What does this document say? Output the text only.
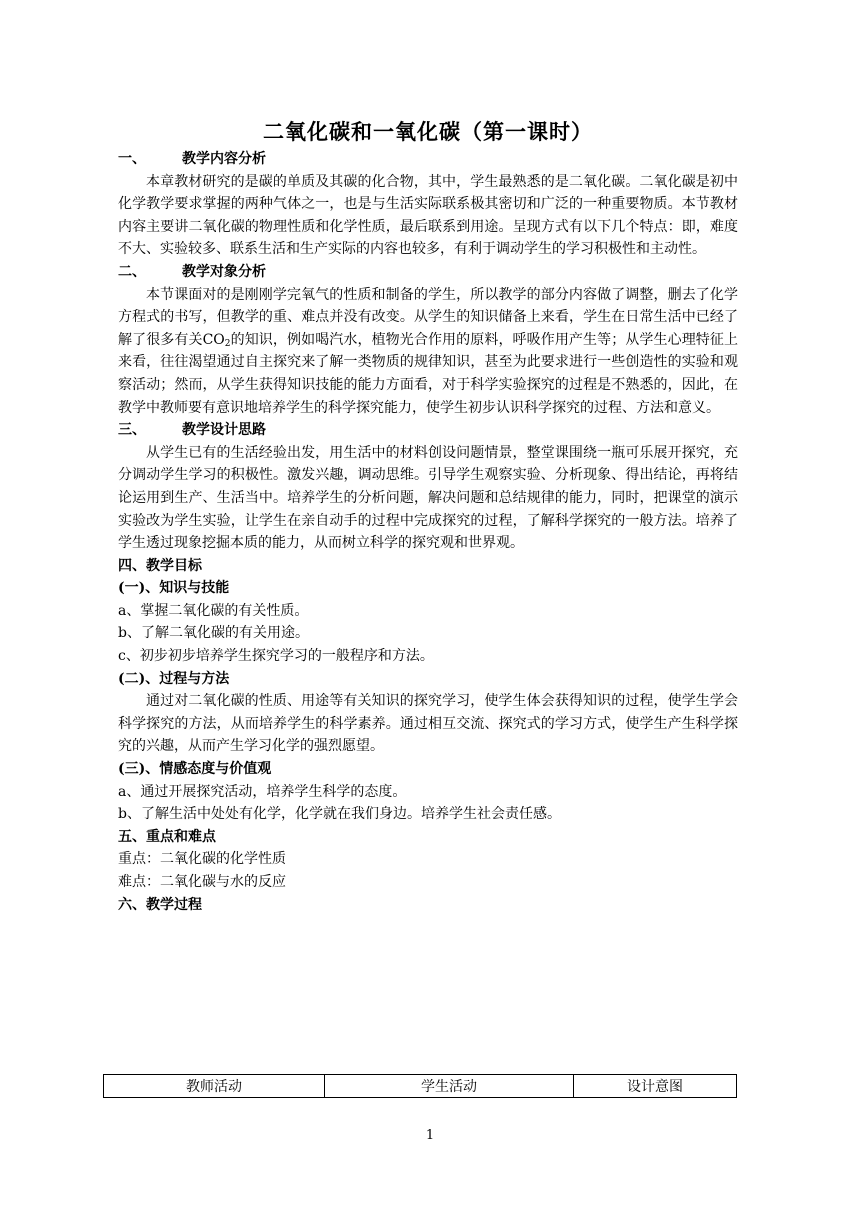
二氧化碳和一氧化碳（第一课时）

一、	教学内容分析

本章教材研究的是碳的单质及其碳的化合物，其中，学生最熟悉的是二氧化碳。二氧化碳是初中化学教学要求掌握的两种气体之一，也是与生活实际联系极其密切和广泛的一种重要物质。本节教材内容主要讲二氧化碳的物理性质和化学性质，最后联系到用途。呈现方式有以下几个特点：即，难度不大、实验较多、联系生活和生产实际的内容也较多，有利于调动学生的学习积极性和主动性。

二、	教学对象分析

本节课面对的是刚刚学完氧气的性质和制备的学生，所以教学的部分内容做了调整，删去了化学方程式的书写，但教学的重、难点并没有改变。从学生的知识储备上来看，学生在日常生活中已经了解了很多有关$CO_2$的知识，例如喝汽水，植物光合作用的原料，呼吸作用产生等；从学生心理特征上来看，往往渴望通过自主探究来了解一类物质的规律知识，甚至为此要求进行一些创造性的实验和观察活动；然而，从学生获得知识技能的能力方面看，对于科学实验探究的过程是不熟悉的，因此，在教学中教师要有意识地培养学生的科学探究能力，使学生初步认识科学探究的过程、方法和意义。

三、	教学设计思路

从学生已有的生活经验出发，用生活中的材料创设问题情景，整堂课围绕一瓶可乐展开探究，充分调动学生学习的积极性。激发兴趣，调动思维。引导学生观察实验、分析现象、得出结论，再将结论运用到生产、生活当中。培养学生的分析问题，解决问题和总结规律的能力，同时，把课堂的演示实验改为学生实验，让学生在亲自动手的过程中完成探究的过程，了解科学探究的一般方法。培养了学生透过现象挖掘本质的能力，从而树立科学的探究观和世界观。

四、教学目标

(一)、知识与技能

a、掌握二氧化碳的有关性质。

b、了解二氧化碳的有关用途。

c、初步初步培养学生探究学习的一般程序和方法。

(二)、过程与方法

通过对二氧化碳的性质、用途等有关知识的探究学习，使学生体会获得知识的过程，使学生学会科学探究的方法，从而培养学生的科学素养。通过相互交流、探究式的学习方式，使学生产生科学探究的兴趣，从而产生学习化学的强烈愿望。

(三)、情感态度与价值观

a、通过开展探究活动，培养学生科学的态度。

b、了解生活中处处有化学，化学就在我们身边。培养学生社会责任感。

五、重点和难点

重点：二氧化碳的化学性质

难点：二氧化碳与水的反应

六、教学过程

教师活动	学生活动	设计意图
1
